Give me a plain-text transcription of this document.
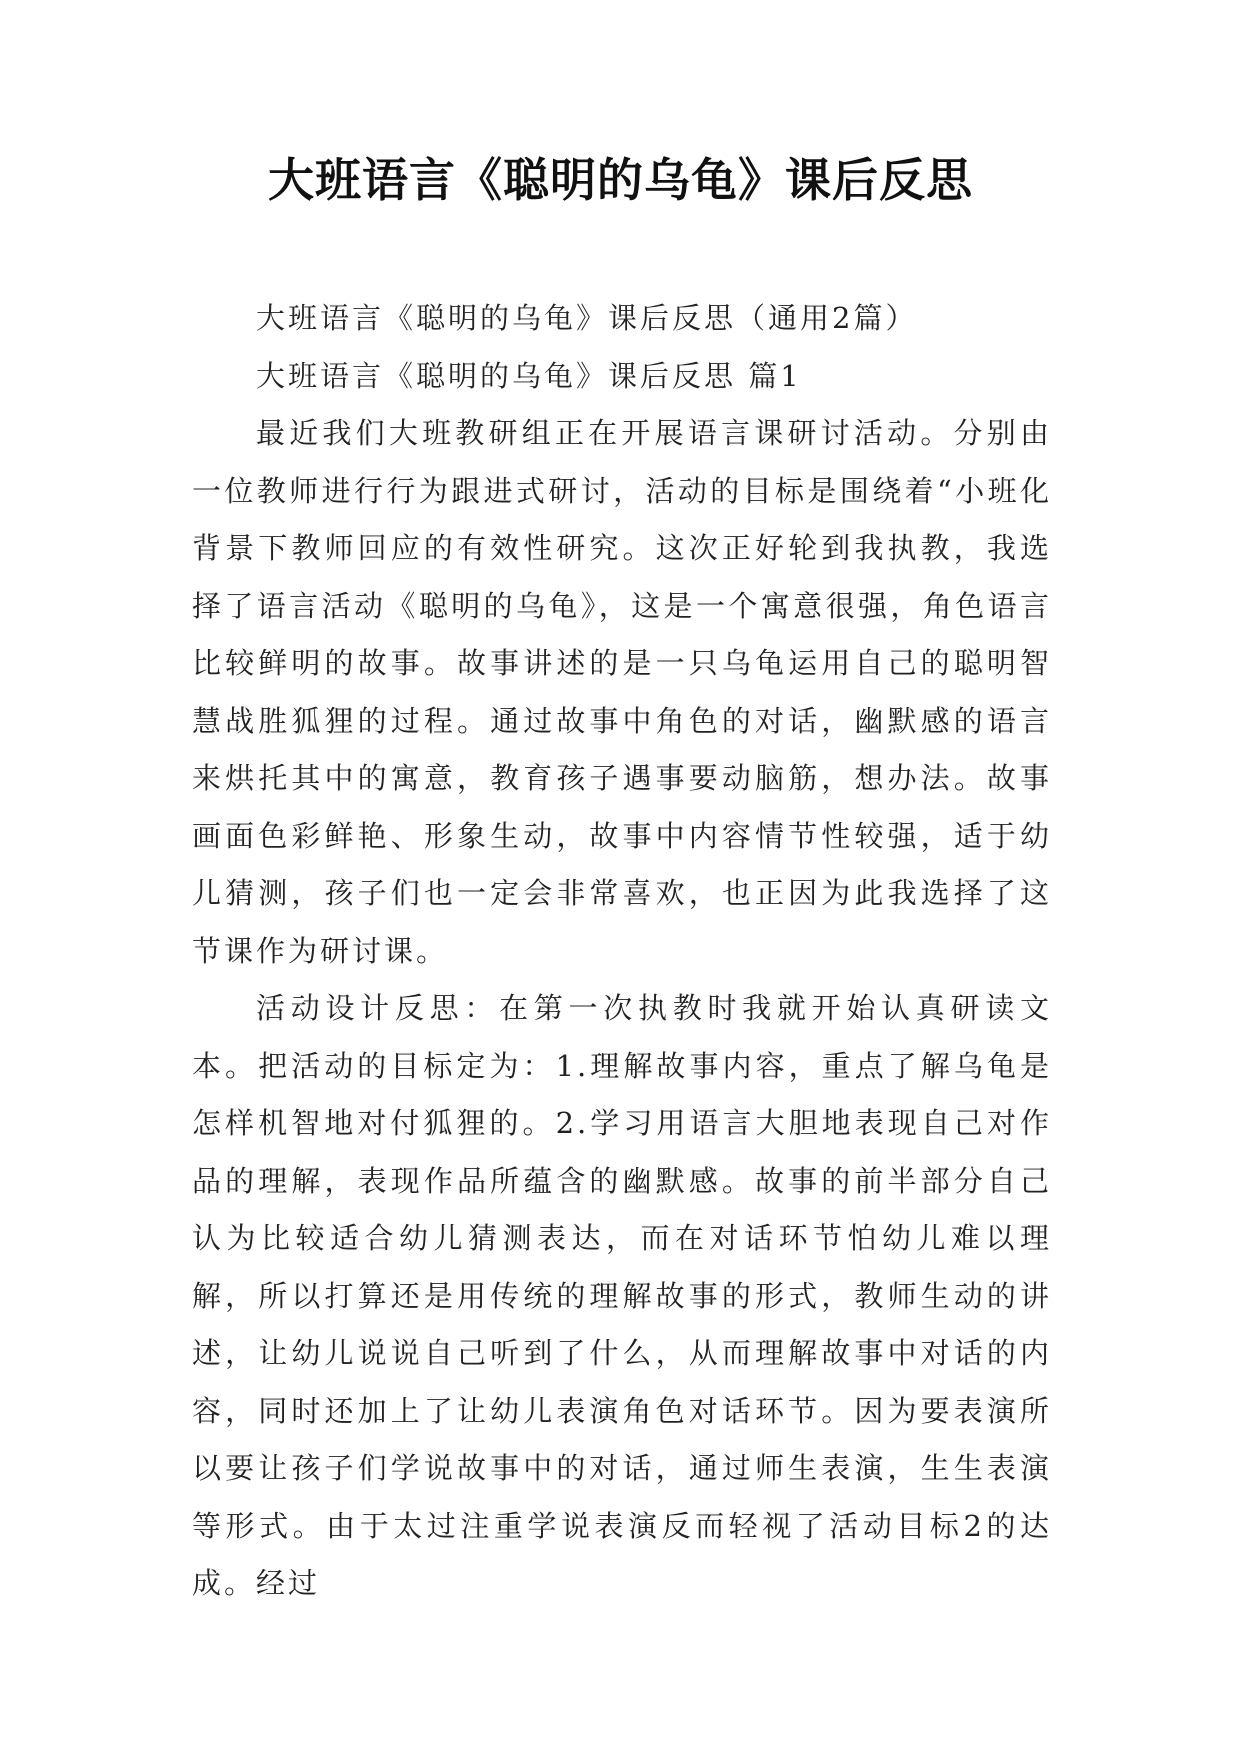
大班语言《聪明的乌龟》课后反思

大班语言《聪明的乌龟》课后反思（通用2篇）

大班语言《聪明的乌龟》课后反思 篇1

最近我们大班教研组正在开展语言课研讨活动。分别由一位教师进行行为跟进式研讨，活动的目标是围绕着“小班化背景下教师回应的有效性研究。这次正好轮到我执教，我选择了语言活动《聪明的乌龟》，这是一个寓意很强，角色语言比较鲜明的故事。故事讲述的是一只乌龟运用自己的聪明智慧战胜狐狸的过程。通过故事中角色的对话，幽默感的语言来烘托其中的寓意，教育孩子遇事要动脑筋，想办法。故事画面色彩鲜艳、形象生动，故事中内容情节性较强，适于幼儿猜测，孩子们也一定会非常喜欢，也正因为此我选择了这节课作为研讨课。

活动设计反思：在第一次执教时我就开始认真研读文本。把活动的目标定为：1.理解故事内容，重点了解乌龟是怎样机智地对付狐狸的。2.学习用语言大胆地表现自己对作品的理解，表现作品所蕴含的幽默感。故事的前半部分自己认为比较适合幼儿猜测表达，而在对话环节怕幼儿难以理解，所以打算还是用传统的理解故事的形式，教师生动的讲述，让幼儿说说自己听到了什么，从而理解故事中对话的内容，同时还加上了让幼儿表演角色对话环节。因为要表演所以要让孩子们学说故事中的对话，通过师生表演，生生表演等形式。由于太过注重学说表演反而轻视了活动目标2的达成。经过
